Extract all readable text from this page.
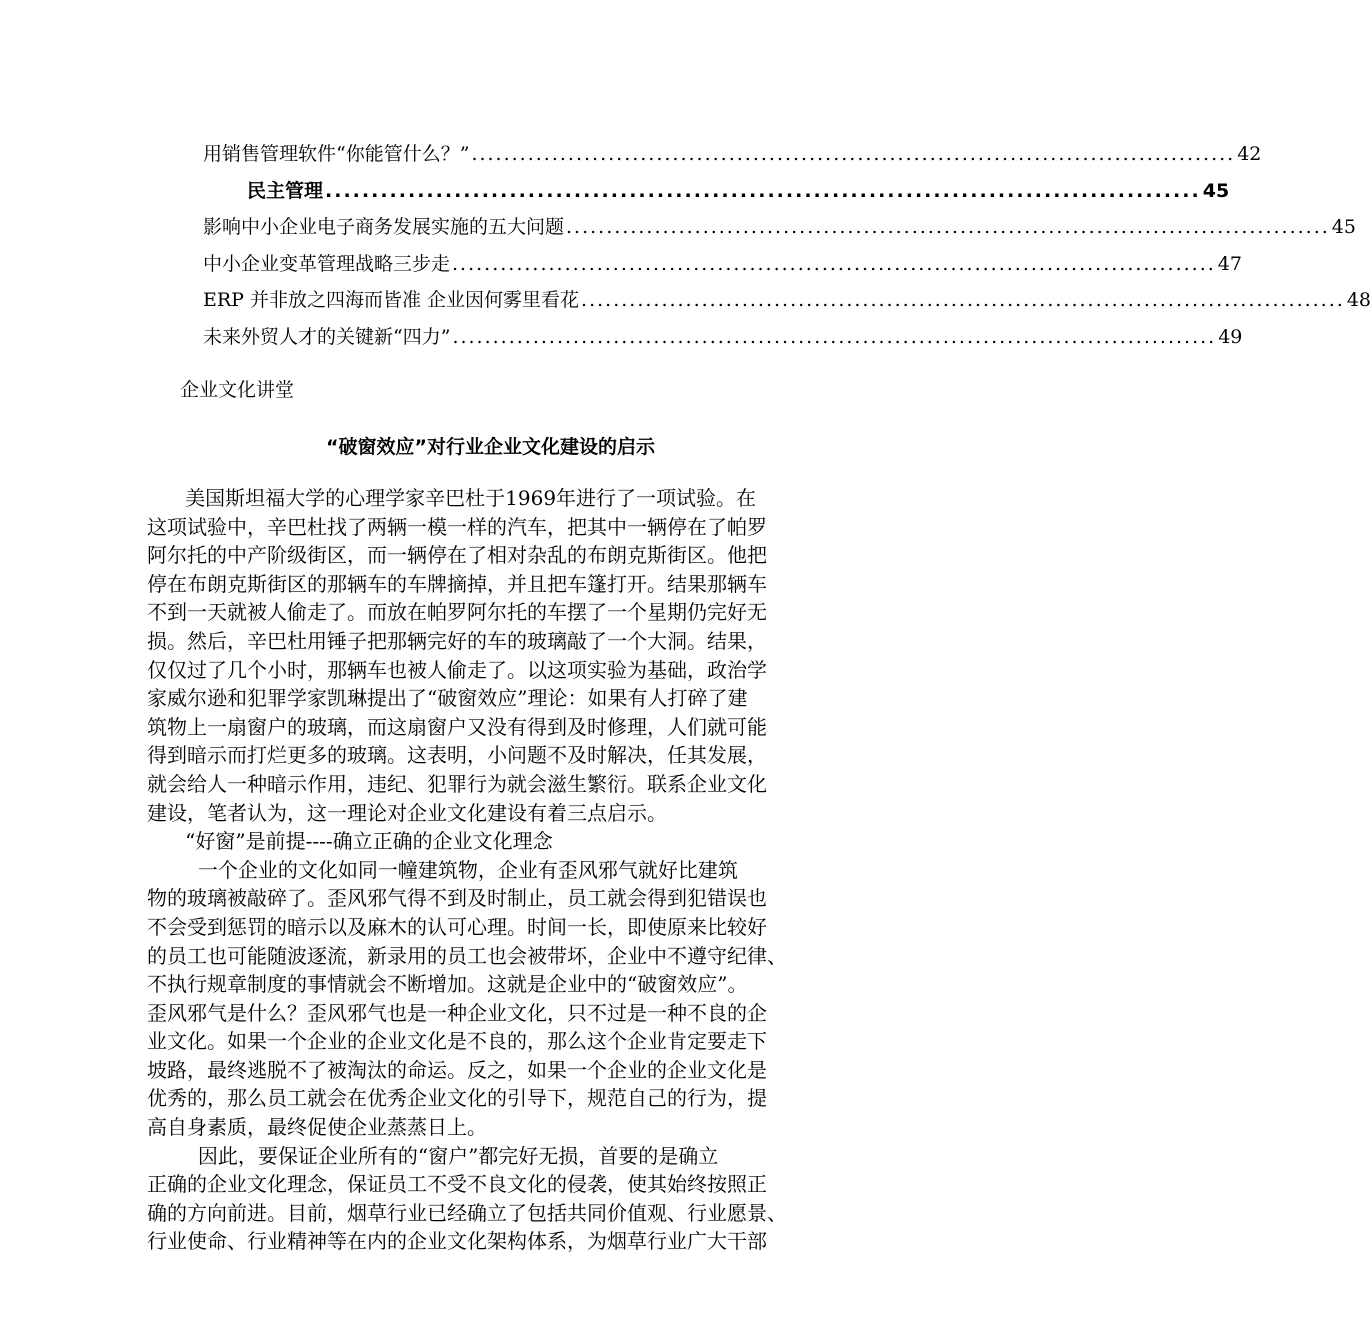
用销售管理软件“你能管什么？” ............................................................................................... 42
民主管理 ............................................................................................... 45
影响中小企业电子商务发展实施的五大问题 ............................................................................................... 45
中小企业变革管理战略三步走 ............................................................................................... 47
ERP 并非放之四海而皆准 企业因何雾里看花 ............................................................................................... 48
未来外贸人才的关键新“四力” ............................................................................................... 49
企业文化讲堂
“破窗效应”对行业企业文化建设的启示
美国斯坦福大学的心理学家辛巴杜于1969年进行了一项试验。在
这项试验中，辛巴杜找了两辆一模一样的汽车，把其中一辆停在了帕罗
阿尔托的中产阶级街区，而一辆停在了相对杂乱的布朗克斯街区。他把
停在布朗克斯街区的那辆车的车牌摘掉，并且把车篷打开。结果那辆车
不到一天就被人偷走了。而放在帕罗阿尔托的车摆了一个星期仍完好无
损。然后，辛巴杜用锤子把那辆完好的车的玻璃敲了一个大洞。结果，
仅仅过了几个小时，那辆车也被人偷走了。以这项实验为基础，政治学
家威尔逊和犯罪学家凯琳提出了“破窗效应”理论：如果有人打碎了建
筑物上一扇窗户的玻璃，而这扇窗户又没有得到及时修理，人们就可能
得到暗示而打烂更多的玻璃。这表明，小问题不及时解决，任其发展，
就会给人一种暗示作用，违纪、犯罪行为就会滋生繁衍。联系企业文化
建设，笔者认为，这一理论对企业文化建设有着三点启示。
“好窗”是前提----确立正确的企业文化理念
一个企业的文化如同一幢建筑物，企业有歪风邪气就好比建筑
物的玻璃被敲碎了。歪风邪气得不到及时制止，员工就会得到犯错误也
不会受到惩罚的暗示以及麻木的认可心理。时间一长，即使原来比较好
的员工也可能随波逐流，新录用的员工也会被带坏，企业中不遵守纪律、
不执行规章制度的事情就会不断增加。这就是企业中的“破窗效应”。
歪风邪气是什么？歪风邪气也是一种企业文化，只不过是一种不良的企
业文化。如果一个企业的企业文化是不良的，那么这个企业肯定要走下
坡路，最终逃脱不了被淘汰的命运。反之，如果一个企业的企业文化是
优秀的，那么员工就会在优秀企业文化的引导下，规范自己的行为，提
高自身素质，最终促使企业蒸蒸日上。
因此，要保证企业所有的“窗户”都完好无损，首要的是确立
正确的企业文化理念，保证员工不受不良文化的侵袭，使其始终按照正
确的方向前进。目前，烟草行业已经确立了包括共同价值观、行业愿景、
行业使命、行业精神等在内的企业文化架构体系，为烟草行业广大干部
